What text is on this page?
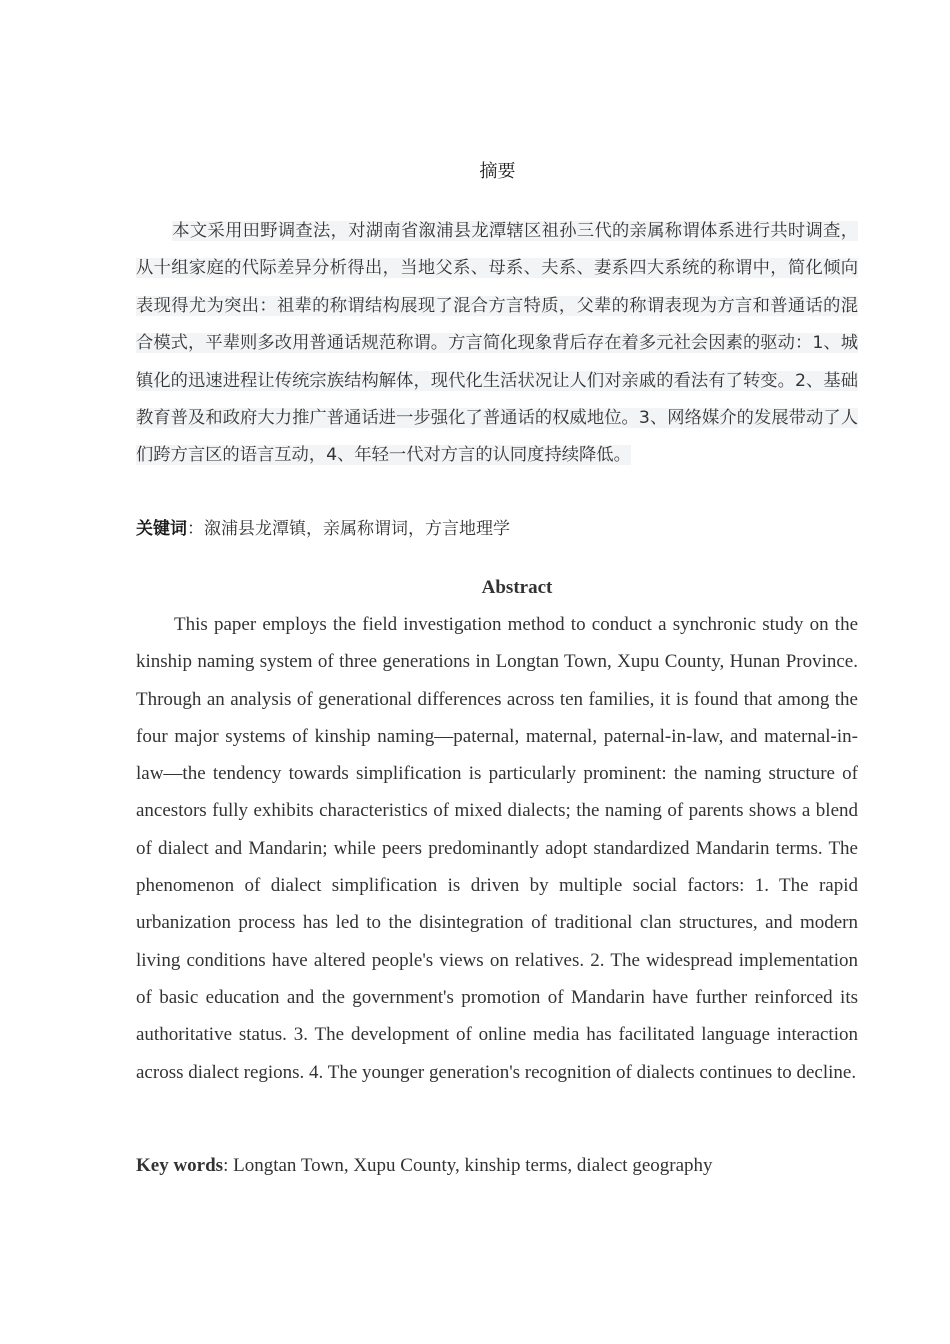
摘要
本文采用田野调查法，对湖南省溆浦县龙潭辖区祖孙三代的亲属称谓体系进行共时调查，从十组家庭的代际差异分析得出，当地父系、母系、夫系、妻系四大系统的称谓中，简化倾向表现得尤为突出：祖辈的称谓结构展现了混合方言特质，父辈的称谓表现为方言和普通话的混合模式，平辈则多改用普通话规范称谓。方言简化现象背后存在着多元社会因素的驱动：1、城镇化的迅速进程让传统宗族结构解体，现代化生活状况让人们对亲戚的看法有了转变。2、基础教育普及和政府大力推广普通话进一步强化了普通话的权威地位。3、网络媒介的发展带动了人们跨方言区的语言互动，4、年轻一代对方言的认同度持续降低。
关键词：溆浦县龙潭镇，亲属称谓词，方言地理学
Abstract
This paper employs the field investigation method to conduct a synchronic study on the kinship naming system of three generations in Longtan Town, Xupu County, Hunan Province. Through an analysis of generational differences across ten families, it is found that among the four major systems of kinship naming—paternal, maternal, paternal-in-law, and maternal-in-law—the tendency towards simplification is particularly prominent: the naming structure of ancestors fully exhibits characteristics of mixed dialects; the naming of parents shows a blend of dialect and Mandarin; while peers predominantly adopt standardized Mandarin terms. The phenomenon of dialect simplification is driven by multiple social factors: 1. The rapid urbanization process has led to the disintegration of traditional clan structures, and modern living conditions have altered people's views on relatives. 2. The widespread implementation of basic education and the government's promotion of Mandarin have further reinforced its authoritative status. 3. The development of online media has facilitated language interaction across dialect regions. 4. The younger generation's recognition of dialects continues to decline.
Key words: Longtan Town, Xupu County, kinship terms, dialect geography
